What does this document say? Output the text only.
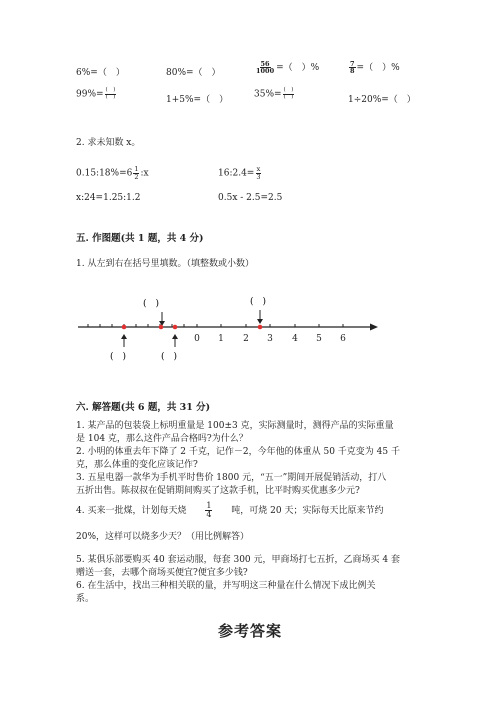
6%=（　）	80%=（　）	$\frac{56}{1000}$ =（　）%	$\frac{7}{8}$ =（　）%
$99\%= \frac{( )}{( )}$	1+5%=（　）
$35\%= \frac{( )}{( )}$	1÷20%=（　）
2. 求未知数 x。
0.15:18%=6 $\frac{1}{2}$ :x	16:2.4= $\frac{x}{3}$
x:24=1.25:1.2	0.5x - 2.5=2.5
五. 作图题(共 1 题，共 4 分)
1. 从左到右在括号里填数。（填整数或小数）
(　)	(　)
0 1 2 3 4 5 6
(　)	(　)
六. 解答题(共 6 题，共 31 分)

1. 某产品的包装袋上标明重量是 100±3 克，实际测量时，测得产品的实际重量

是 104 克，那么这件产品合格吗?为什么？

2. 小明的体重去年下降了 2 千克，记作－2，今年他的体重从 50 千克变为 45 千

克，那么体重的变化应该记作?

3. 五星电器一款华为手机平时售价 1800 元，“五一”期间开展促销活动，打八

五折出售。陈叔叔在促销期间购买了这款手机，比平时购买优惠多少元?

4. 买来一批煤，计划每天烧 $\frac{1}{4}$ 吨，可烧 20 天；实际每天比原来节约
20%，这样可以烧多少天？（用比例解答）

5. 某俱乐部要购买 40 套运动服，每套 300 元，甲商场打七五折，乙商场买 4 套

赠送一套，去哪个商场买便宜?便宜多少钱?

6. 在生活中，找出三种相关联的量，并写明这三种量在什么情况下成比例关

系。

参考答案
